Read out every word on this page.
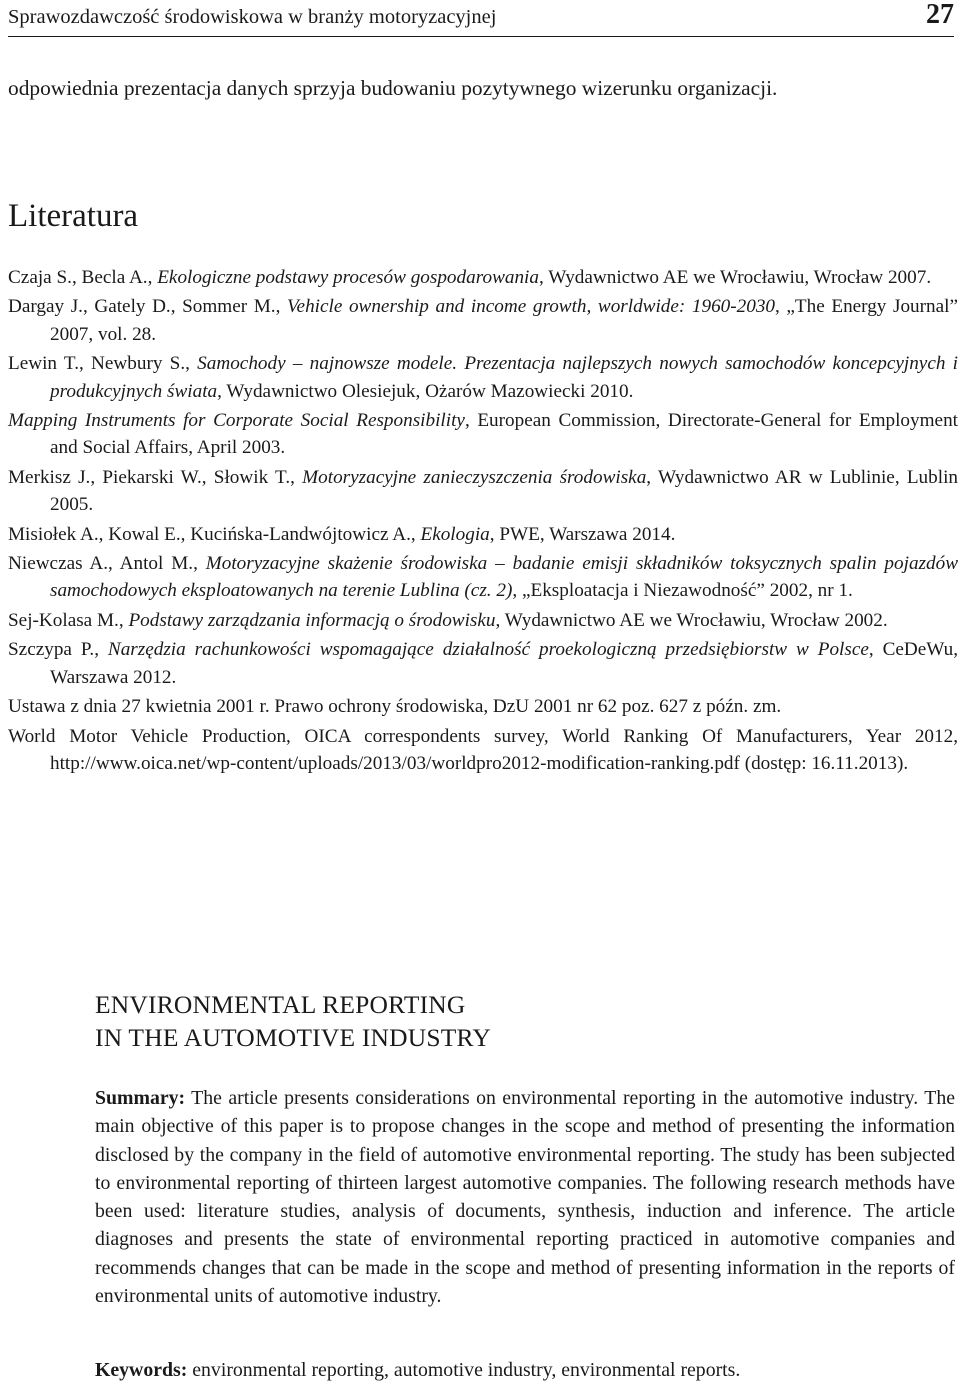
Sprawozdawczość środowiskowa w branży motoryzacyjnej	27

odpowiednia prezentacja danych sprzyja budowaniu pozytywnego wizerunku organizacji.

Literatura
Czaja S., Becla A., Ekologiczne podstawy procesów gospodarowania, Wydawnictwo AE we Wrocławiu, Wrocław 2007.
Dargay J., Gately D., Sommer M., Vehicle ownership and income growth, worldwide: 1960-2030, „The Energy Journal” 2007, vol. 28.
Lewin T., Newbury S., Samochody – najnowsze modele. Prezentacja najlepszych nowych samochodów koncepcyjnych i produkcyjnych świata, Wydawnictwo Olesiejuk, Ożarów Mazowiecki 2010.
Mapping Instruments for Corporate Social Responsibility, European Commission, Directorate-General for Employment and Social Affairs, April 2003.
Merkisz J., Piekarski W., Słowik T., Motoryzacyjne zanieczyszczenia środowiska, Wydawnictwo AR w Lublinie, Lublin 2005.
Misiołek A., Kowal E., Kucińska-Landwójtowicz A., Ekologia, PWE, Warszawa 2014.
Niewczas A., Antol M., Motoryzacyjne skażenie środowiska – badanie emisji składników toksycznych spalin pojazdów samochodowych eksploatowanych na terenie Lublina (cz. 2), „Eksploatacja i Niezawodność” 2002, nr 1.
Sej-Kolasa M., Podstawy zarządzania informacją o środowisku, Wydawnictwo AE we Wrocławiu, Wrocław 2002.
Szczypa P., Narzędzia rachunkowości wspomagające działalność proekologiczną przedsiębiorstw w Polsce, CeDeWu, Warszawa 2012.
Ustawa z dnia 27 kwietnia 2001 r. Prawo ochrony środowiska, DzU 2001 nr 62 poz. 627 z późn. zm.
World Motor Vehicle Production, OICA correspondents survey, World Ranking Of Manufacturers, Year 2012, http://www.oica.net/wp-content/uploads/2013/03/worldpro2012-modification-ranking.pdf (dostęp: 16.11.2013).
ENVIRONMENTAL REPORTING
IN THE AUTOMOTIVE INDUSTRY

Summary: The article presents considerations on environmental reporting in the automotive industry. The main objective of this paper is to propose changes in the scope and method of presenting the information disclosed by the company in the field of automotive environmental reporting. The study has been subjected to environmental reporting of thirteen largest automotive companies. The following research methods have been used: literature studies, analysis of documents, synthesis, induction and inference. The article diagnoses and presents the state of environmental reporting practiced in automotive companies and recommends changes that can be made in the scope and method of presenting information in the reports of environmental units of automotive industry.

Keywords: environmental reporting, automotive industry, environmental reports.
